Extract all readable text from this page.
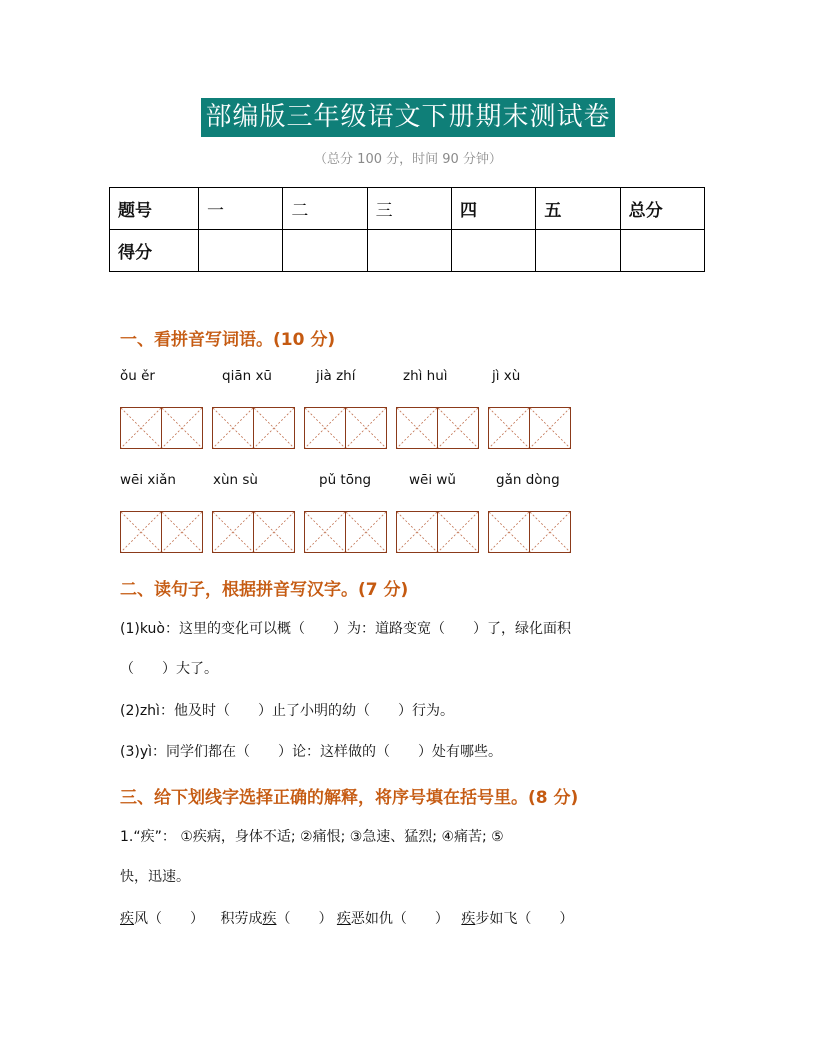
部编版三年级语文下册期末测试卷
（总分 100 分，时间 90 分钟）
题号	一	二	三	四	五	总分
得分						
一、看拼音写词语。(10 分)
ǒu ěr	qiān xū	jià zhí	zhì huì	jì xù
wēi xiǎn	xùn sù	pǔ tōng	wēi wǔ	gǎn dòng
二、读句子，根据拼音写汉字。(7 分)
(1)kuò：这里的变化可以概（　　）为：道路变宽（　　）了，绿化面积
（　　）大了。
(2)zhì：他及时（　　）止了小明的幼（　　）行为。
(3)yì：同学们都在（　　）论：这样做的（　　）处有哪些。
三、给下划线字选择正确的解释，将序号填在括号里。(8 分)
1.“疾”： ①疾病，身体不适; ②痛恨; ③急速、猛烈; ④痛苦; ⑤
快，迅速。
疾风（　　） 积劳成疾（　　） 疾恶如仇（　　） 疾步如飞（　　）
